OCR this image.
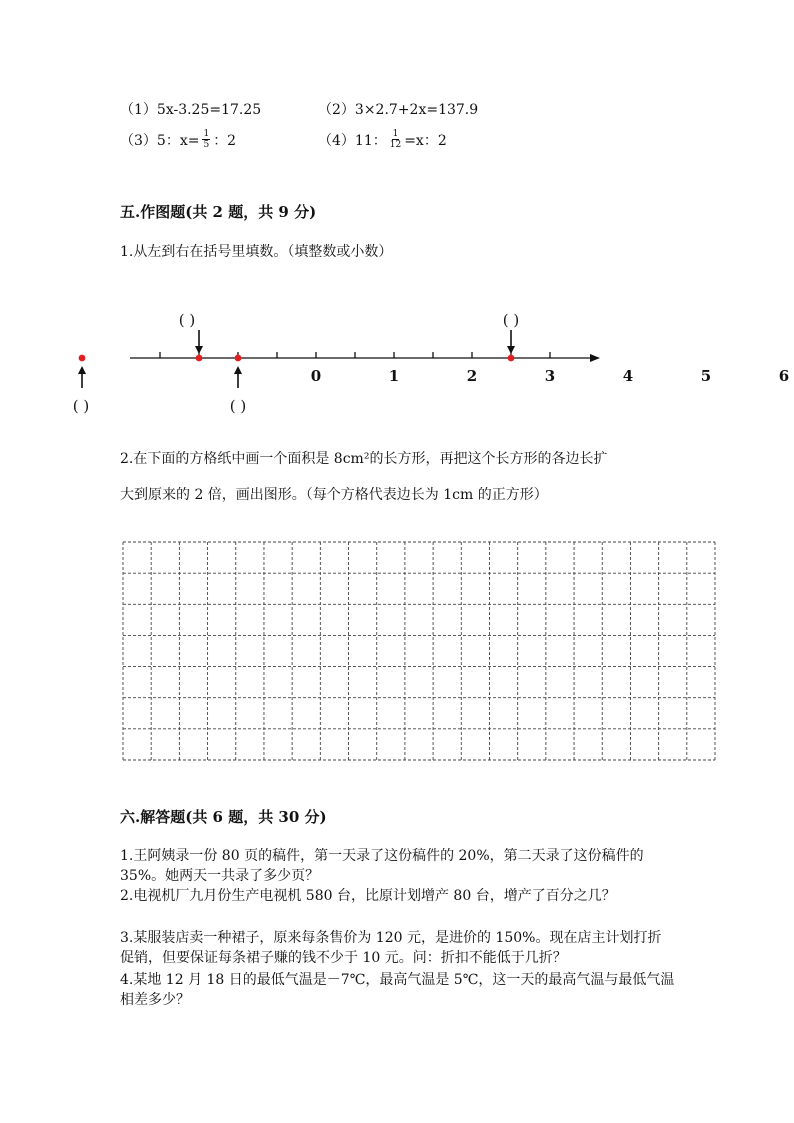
（1）5x-3.25=17.25	（2）3×2.7+2x=137.9
（3）5：$x= \frac{1}{5}$ ：2	（4）11： $\frac{1}{12} =x$：2
五.作图题(共 2 题，共 9 分)
1.从左到右在括号里填数。（填整数或小数）
0	1	2	3	4	5	6
( )	( )
( )	( )
2.在下面的方格纸中画一个面积是 8cm²的长方形，再把这个长方形的各边长扩
大到原来的 2 倍，画出图形。（每个方格代表边长为 1cm 的正方形）
六.解答题(共 6 题，共 30 分)
1.王阿姨录一份 80 页的稿件，第一天录了这份稿件的 20%，第二天录了这份稿件的 35%。她两天一共录了多少页？
2.电视机厂九月份生产电视机 580 台，比原计划增产 80 台，增产了百分之几？
3.某服装店卖一种裙子，原来每条售价为 120 元，是进价的 150%。现在店主计划打折促销，但要保证每条裙子赚的钱不少于 10 元。问：折扣不能低于几折？
4.某地 12 月 18 日的最低气温是－7℃，最高气温是 5℃，这一天的最高气温与最低气温相差多少？
